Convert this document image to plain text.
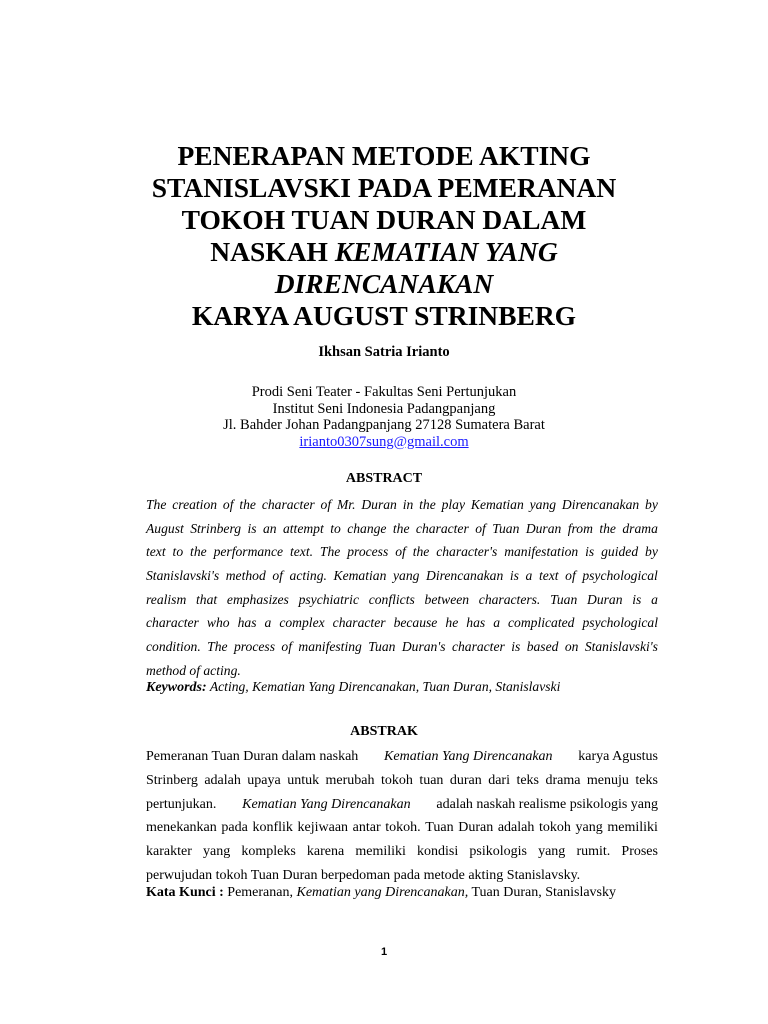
PENERAPAN METODE AKTING
STANISLAVSKI PADA PEMERANAN
TOKOH TUAN DURAN DALAM
NASKAH KEMATIAN YANG
DIRENCANAKAN
KARYA AUGUST STRINBERG
Ikhsan Satria Irianto
Prodi Seni Teater - Fakultas Seni Pertunjukan
Institut Seni Indonesia Padangpanjang
Jl. Bahder Johan Padangpanjang 27128 Sumatera Barat
irianto0307sung@gmail.com
ABSTRACT
The creation of the character of Mr. Duran in the play Kematian yang Direncanakan by
August Strinberg is an attempt to change the character of Tuan Duran from the drama
text to the performance text. The process of the character's manifestation is guided by
Stanislavski's method of acting. Kematian yang Direncanakan is a text of psychological
realism that emphasizes psychiatric conflicts between characters. Tuan Duran is a
character who has a complex character because he has a complicated psychological
condition. The process of manifesting Tuan Duran's character is based on Stanislavski's
method of acting.
Keywords: Acting, Kematian Yang Direncanakan, Tuan Duran, Stanislavski
ABSTRAK
Pemeranan Tuan Duran dalam naskah Kematian Yang Direncanakan karya Agustus
Strinberg adalah upaya untuk merubah tokoh tuan duran dari teks drama menuju teks
pertunjukan. Kematian Yang Direncanakan adalah naskah realisme psikologis yang
menekankan pada konflik kejiwaan antar tokoh. Tuan Duran adalah tokoh yang memiliki
karakter yang kompleks karena memiliki kondisi psikologis yang rumit. Proses
perwujudan tokoh Tuan Duran berpedoman pada metode akting Stanislavsky.
Kata Kunci : Pemeranan, Kematian yang Direncanakan, Tuan Duran, Stanislavsky
1
